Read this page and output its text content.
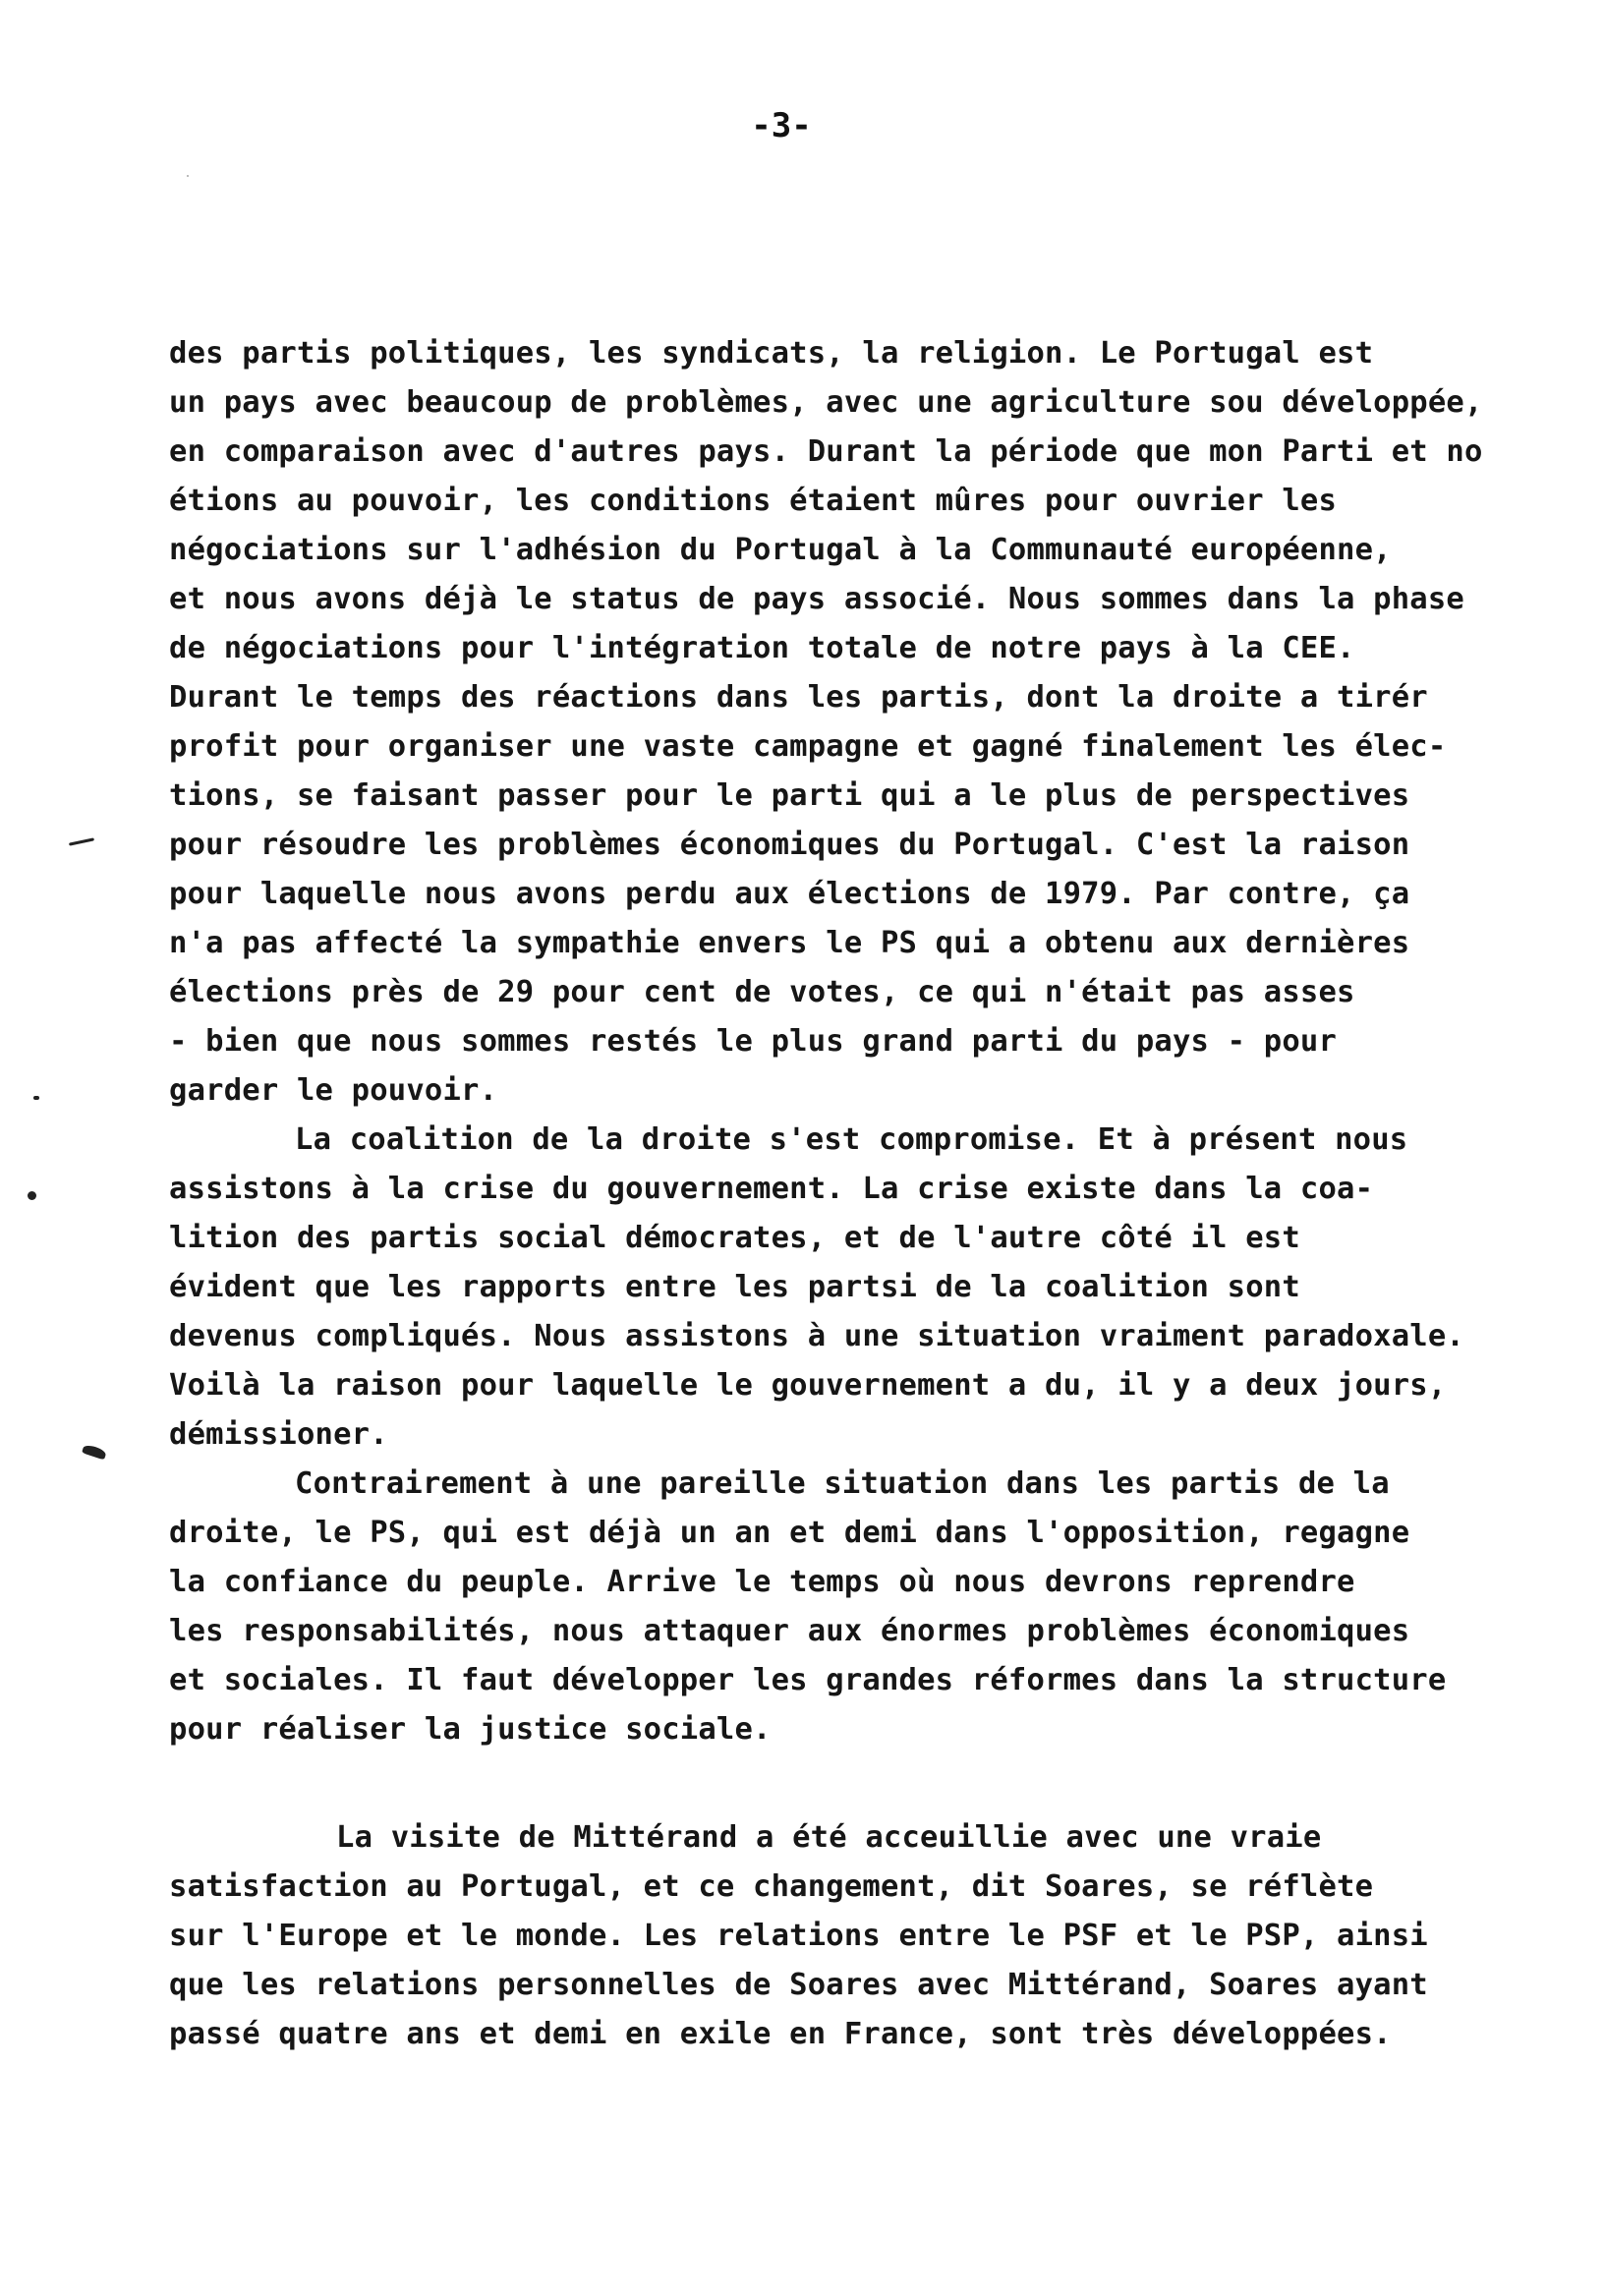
-3-
des partis politiques, les syndicats, la religion. Le Portugal est
un pays avec beaucoup de problèmes, avec une agriculture sou développée,
en comparaison avec d'autres pays. Durant la période que mon Parti et no
étions au pouvoir, les conditions étaient mûres pour ouvrier les
négociations sur l'adhésion du Portugal à la Communauté européenne,
et nous avons déjà le status de pays associé. Nous sommes dans la phase
de négociations pour l'intégration totale de notre pays à la CEE.
Durant le temps des réactions dans les partis, dont la droite a tirér
profit pour organiser une vaste campagne et gagné finalement les élec-
tions, se faisant passer pour le parti qui a le plus de perspectives
pour résoudre les problèmes économiques du Portugal. C'est la raison
pour laquelle nous avons perdu aux élections de 1979. Par contre, ça
n'a pas affecté la sympathie envers le PS qui a obtenu aux dernières
élections près de 29 pour cent de votes, ce qui n'était pas asses
- bien que nous sommes restés le plus grand parti du pays - pour
garder le pouvoir.
La coalition de la droite s'est compromise. Et à présent nous
assistons à la crise du gouvernement. La crise existe dans la coa-
lition des partis social démocrates, et de l'autre côté il est
évident que les rapports entre les partsi de la coalition sont
devenus compliqués. Nous assistons à une situation vraiment paradoxale.
Voilà la raison pour laquelle le gouvernement a du, il y a deux jours,
démissioner.
Contrairement à une pareille situation dans les partis de la
droite, le PS, qui est déjà un an et demi dans l'opposition, regagne
la confiance du peuple. Arrive le temps où nous devrons reprendre
les responsabilités, nous attaquer aux énormes problèmes économiques
et sociales. Il faut développer les grandes réformes dans la structure
pour réaliser la justice sociale.
La visite de Mittérand a été acceuillie avec une vraie
satisfaction au Portugal, et ce changement, dit Soares, se réflète
sur l'Europe et le monde. Les relations entre le PSF et le PSP, ainsi
que les relations personnelles de Soares avec Mittérand, Soares ayant
passé quatre ans et demi en exile en France, sont très développées.
